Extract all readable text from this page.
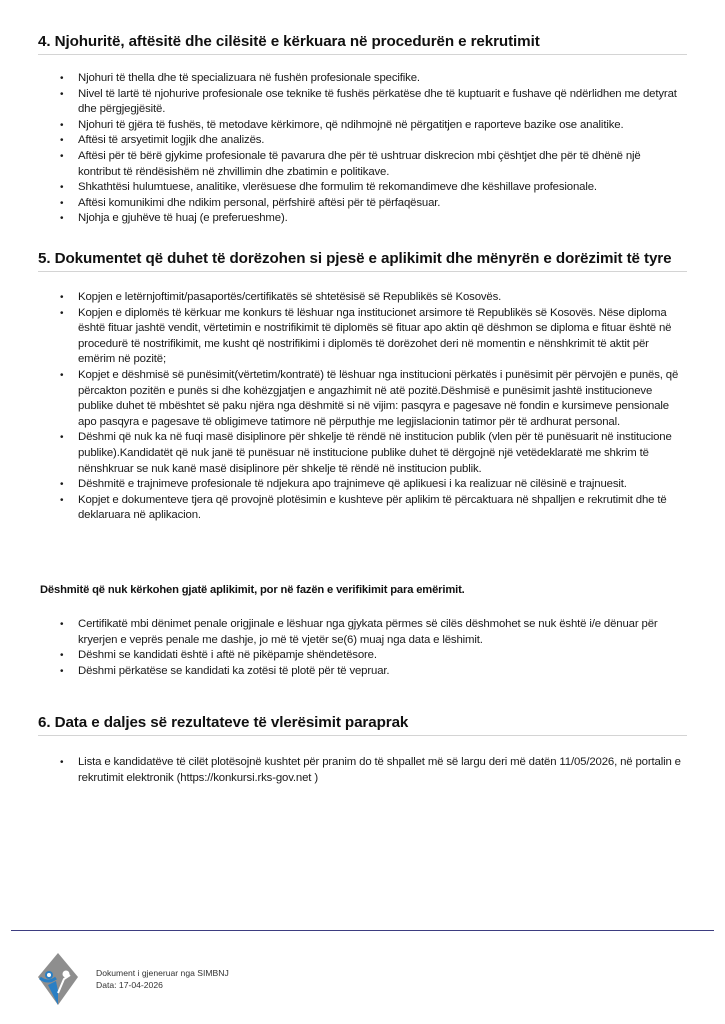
4. Njohuritë, aftësitë dhe cilësitë e kërkuara në procedurën e rekrutimit
• Njohuri të thella dhe të specializuara në fushën profesionale specifike.
• Nivel të lartë të njohurive profesionale ose teknike të fushës përkatëse dhe të kuptuarit e fushave që ndërlidhen me detyrat dhe përgjegjësitë.
• Njohuri të gjëra të fushës, të metodave kërkimore, që ndihmojnë në përgatitjen e raporteve bazike ose analitike.
• Aftësi të arsyetimit logjik dhe analizës.
• Aftësi për të bërë gjykime profesionale të pavarura dhe për të ushtruar diskrecion mbi çështjet dhe për të dhënë një kontribut të rëndësishëm në zhvillimin dhe zbatimin e politikave.
• Shkathtësi hulumtuese, analitike, vlerësuese dhe formulim të rekomandimeve dhe këshillave profesionale.
• Aftësi komunikimi dhe ndikim personal, përfshirë aftësi për të përfaqësuar.
• Njohja e gjuhëve të huaj (e preferueshme).
5. Dokumentet që duhet të dorëzohen si pjesë e aplikimit dhe mënyrën e dorëzimit të tyre
• Kopjen e letërnjoftimit/pasaportës/certifikatës së shtetësisë së Republikës së Kosovës.
• Kopjen e diplomës të kërkuar me konkurs të lëshuar nga institucionet arsimore të Republikës së Kosovës. Nëse diploma është fituar jashtë vendit, vërtetimin e nostrifikimit të diplomës së fituar apo aktin që dëshmon se diploma e fituar është në procedurë të nostrifikimit, me kusht që nostrifikimi i diplomës të dorëzohet deri në momentin e nënshkrimit të aktit për emërim në pozitë;
• Kopjet e dëshmisë së punësimit(vërtetim/kontratë) të lëshuar nga institucioni përkatës i punësimit për përvojën e punës, që përcakton pozitën e punës si dhe kohëzgjatjen e angazhimit në atë pozitë.Dëshmisë e punësimit jashtë institucioneve publike duhet të mbështet së paku njëra nga dëshmitë si në vijim: pasqyra e pagesave në fondin e kursimeve pensionale apo pasqyra e pagesave të obligimeve tatimore në përputhje me legjislacionin tatimor për të ardhurat personal.
• Dëshmi që nuk ka në fuqi masë disiplinore për shkelje të rëndë në institucion publik (vlen për të punësuarit në institucione publike).Kandidatët që nuk janë të punësuar në institucione publike duhet të dërgojnë një vetëdeklaratë me shkrim të nënshkruar se nuk kanë masë disiplinore për shkelje të rëndë në institucion publik.
• Dëshmitë e trajnimeve profesionale të ndjekura apo trajnimeve që aplikuesi i ka realizuar në cilësinë e trajnuesit.
• Kopjet e dokumenteve tjera që provojnë plotësimin e kushteve për aplikim të përcaktuara në shpalljen e rekrutimit dhe të deklaruara në aplikacion.

Dëshmitë që nuk kërkohen gjatë aplikimit, por në fazën e verifikimit para emërimit.

• Certifikatë mbi dënimet penale origjinale e lëshuar nga gjykata përmes së cilës dëshmohet se nuk është i/e dënuar për kryerjen e veprës penale me dashje, jo më të vjetër se(6) muaj nga data e lëshimit.
• Dëshmi se kandidati është i aftë në pikëpamje shëndetësore.
• Dëshmi përkatëse se kandidati ka zotësi të plotë për të vepruar.
6. Data e daljes së rezultateve të vlerësimit paraprak
• Lista e kandidatëve të cilët plotësojnë kushtet për pranim do të shpallet më së largu deri më datën 11/05/2026, në portalin e rekrutimit elektronik (https://konkursi.rks-gov.net )
Dokument i gjeneruar nga SIMBNJ
Data: 17-04-2026
